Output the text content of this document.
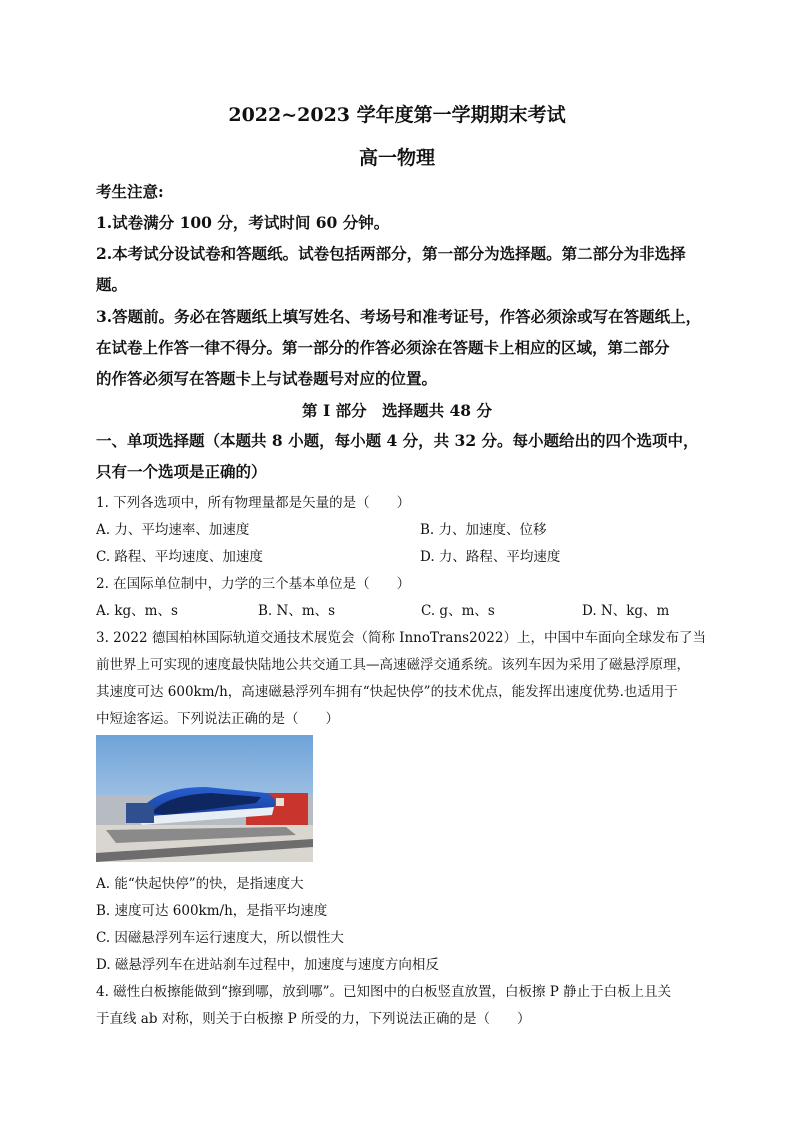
2022~2023 学年度第一学期期末考试
高一物理
考生注意:
1.试卷满分 100 分，考试时间 60 分钟。
2.本考试分设试卷和答题纸。试卷包括两部分，第一部分为选择题。第二部分为非选择
题。
3.答题前。务必在答题纸上填写姓名、考场号和准考证号，作答必须涂或写在答题纸上，
在试卷上作答一律不得分。第一部分的作答必须涂在答题卡上相应的区域，第二部分
的作答必须写在答题卡上与试卷题号对应的位置。
第 I 部分　选择题共 48 分
一、单项选择题（本题共 8 小题，每小题 4 分，共 32 分。每小题给出的四个选项中，
只有一个选项是正确的）
1. 下列各选项中，所有物理量都是矢量的是（　　）
A. 力、平均速率、加速度	B. 力、加速度、位移
C. 路程、平均速度、加速度	D. 力、路程、平均速度
2. 在国际单位制中，力学的三个基本单位是（　　）
A. kg、m、s	B. N、m、s	C. g、m、s	D. N、kg、m
3. 2022 德国柏林国际轨道交通技术展览会（简称 InnoTrans2022）上，中国中车面向全球发布了当
前世界上可实现的速度最快陆地公共交通工具—高速磁浮交通系统。该列车因为采用了磁悬浮原理，
其速度可达 600km/h，高速磁悬浮列车拥有“快起快停”的技术优点，能发挥出速度优势.也适用于
中短途客运。下列说法正确的是（　　）
A. 能“快起快停”的快，是指速度大
B. 速度可达 600km/h，是指平均速度
C. 因磁悬浮列车运行速度大，所以惯性大
D. 磁悬浮列车在进站刹车过程中，加速度与速度方向相反
4. 磁性白板擦能做到“擦到哪，放到哪”。已知图中的白板竖直放置，白板擦 P 静止于白板上且关
于直线 ab 对称，则关于白板擦 P 所受的力，下列说法正确的是（　　）
